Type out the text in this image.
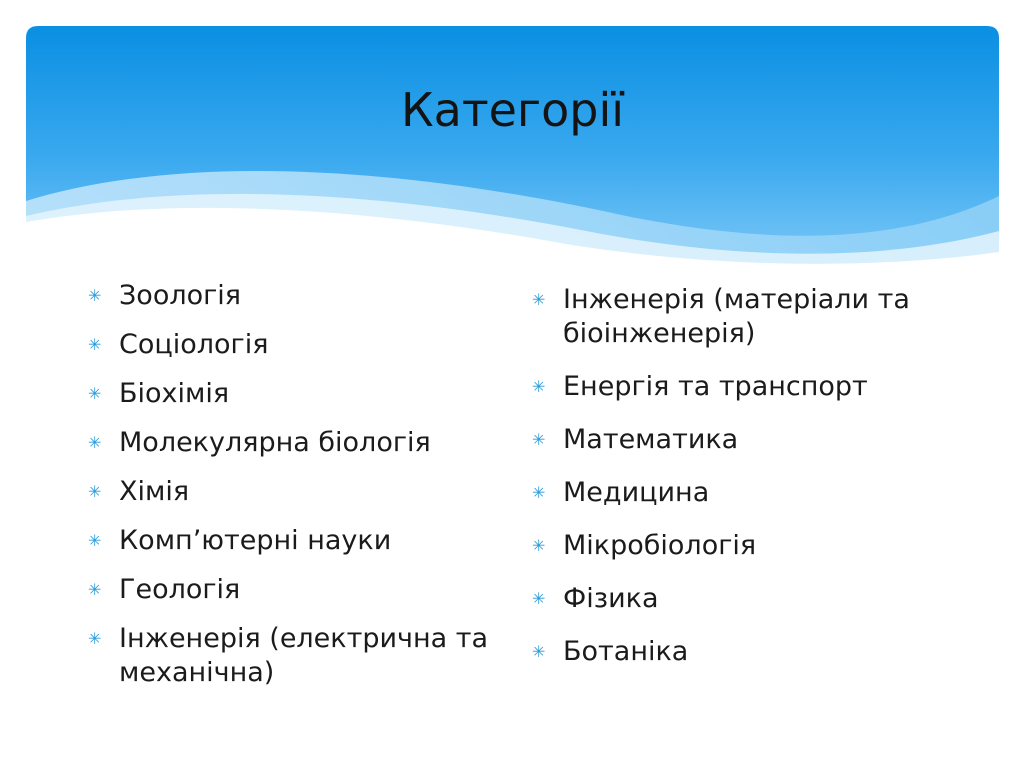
Категорії
✳ Зоологія
✳ Соціологія
✳ Біохімія
✳ Молекулярна біологія
✳ Хімія
✳ Комп’ютерні науки
✳ Геологія
✳ Інженерія (електрична та механічна)
✳ Інженерія (матеріали та біоінженерія)
✳ Енергія та транспорт
✳ Математика
✳ Медицина
✳ Мікробіологія
✳ Фізика
✳ Ботаніка
